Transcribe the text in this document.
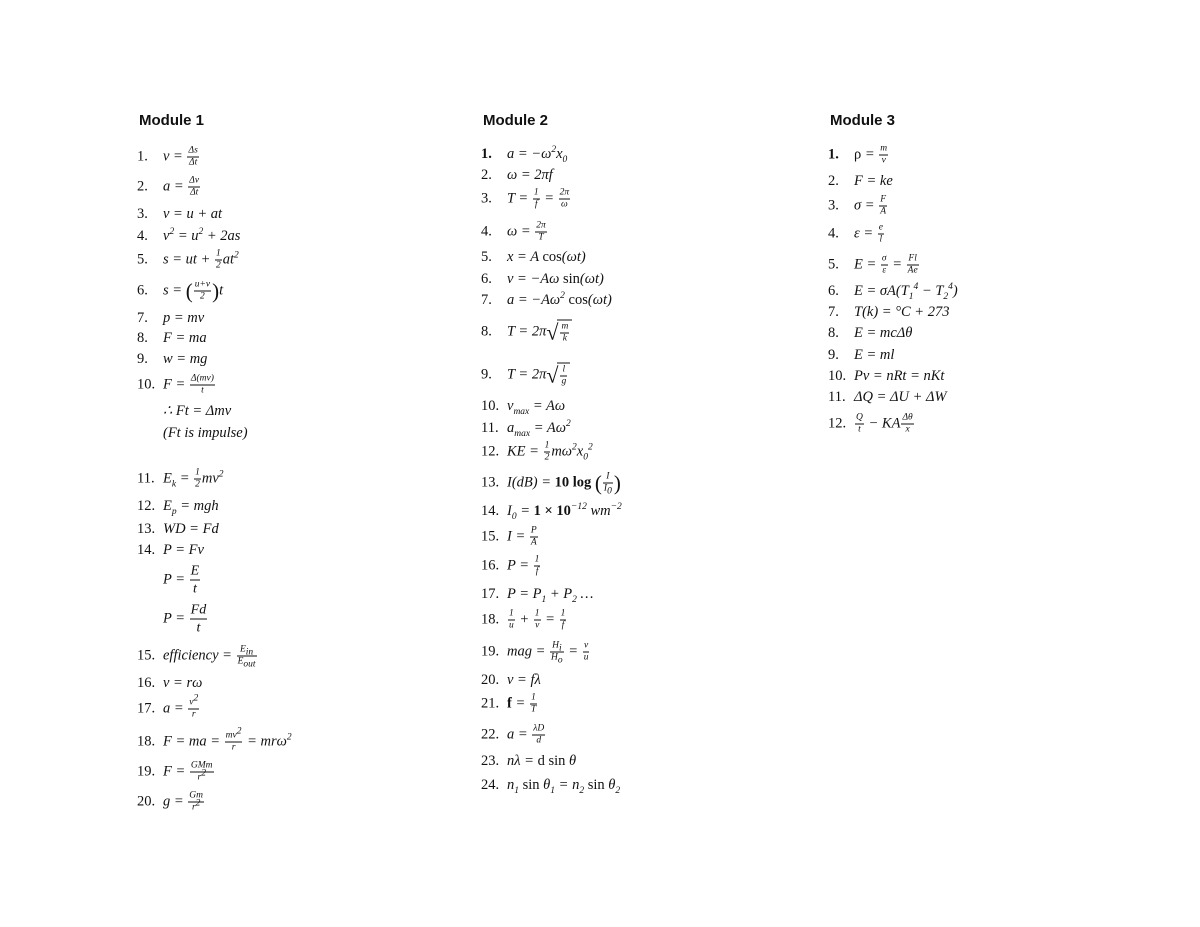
Module 1
1. $v = \frac{\Delta s}{\Delta t}$
2. $a = \frac{\Delta v}{\Delta t}$
3. v = u + at
4. $v^2 = u^2 + 2as$
5. s = ut + $\frac{1}{2} at^2$
6. s = ( $\frac{u+v}{2} )t$
7. p = mv
8. F = ma
9. w = mg
10. $F = \frac{\Delta(mv)}{t}$
∴ Ft = Δmv
(Ft is impulse)
11. $E_k = \frac{1}{2} mv^2$
12. $E_p$ = mgh
13. WD = Fd
14. P = Fv
$P = \frac{E}{t}$
$P = \frac{Fd}{t}$
15. efficiency = $\frac{E_{in}}{E_{out}}$
16. v = rω
17. $a = \frac{v^2}{r}$
18. F = ma = $\frac{mv^2}{r} = mr\omega^2$
19. $F = \frac{\text{GMm}}{r^2}$
20. $g = \frac{Gm}{r^2}$
Module 2
1. $a = -\omega^2x_0$
2. ω = 2πf
3. $T = \frac{1}{f} = \frac{2\pi}{\omega}$
4. $\omega = \frac{2\pi}{T}$
5. x = A cos(ωt)
6. v = −Aω sin(ωt)
7. $a = -A\omega^2$ cos(ωt)
8. $T = 2\pi√ \frac{m}{k}$
9. $T = 2\pi√ \frac{l}{g}$
10. $v_{max} = A\omega$
11. $a_{max} = A\omega^2$
12. KE = $\frac{1}{2} m\omega^2x_0^2$
13. I(dB) = 10 log ( $\frac{I}{I_0}$ )
14. $I_0 = 1 \times 10^{-12}$ $wm^{-2}$
15. $I = \frac{P}{A}$
16. $P = \frac{1}{f}$
17. $P = P_1 + P_2$ …
18. $\frac{1}{u} + \frac{1}{v} = \frac{1}{f}$
19. mag = $\frac{H_i}{H_o} = \frac{v}{u}$
20. v = fλ
21. $f = \frac{1}{T}$
22. $a = \frac{\lambda D}{d}$
23. nλ = d sin θ
24. $n_1$ $\sin \theta_1 = n_2$ $\sin \theta_2$
Module 3
1. $\rho = \frac{m}{v}$
2. F = ke
3. $\sigma = \frac{F}{A}$
4. $\varepsilon = \frac{e}{l}$
5. $E = \frac{\sigma}{\varepsilon} = \frac{Fl}{Ae}$
6. $E = \sigma A(T_1^4 - T_2^4)$
7. T(k) = °C + 273
8. E = mcΔθ
9. E = ml
10. Pv = nRt = nKt
11. ΔQ = ΔU + ΔW
12. $\frac{Q}{t}$ − KA $\frac{\Delta\theta}{x}$
